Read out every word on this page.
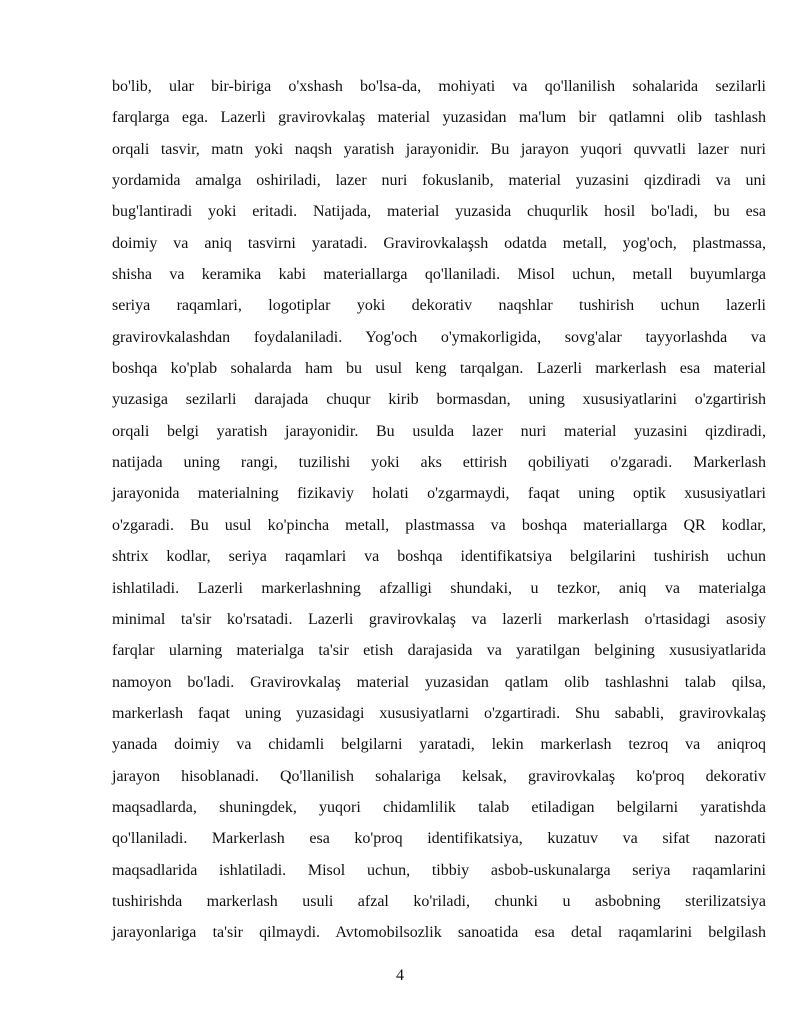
bo'lib, ular bir-biriga o'xshash bo'lsa-da, mohiyati va qo'llanilish sohalarida sezilarli
farqlarga ega. Lazerli gravirovkalaş material yuzasidan ma'lum bir qatlamni olib tashlash
orqali tasvir, matn yoki naqsh yaratish jarayonidir. Bu jarayon yuqori quvvatli lazer nuri
yordamida amalga oshiriladi, lazer nuri fokuslanib, material yuzasini qizdiradi va uni
bug'lantiradi yoki eritadi. Natijada, material yuzasida chuqurlik hosil bo'ladi, bu esa
doimiy va aniq tasvirni yaratadi. Gravirovkalaşsh odatda metall, yog'och, plastmassa,
shisha va keramika kabi materiallarga qo'llaniladi. Misol uchun, metall buyumlarga
seriya raqamlari, logotiplar yoki dekorativ naqshlar tushirish uchun lazerli
gravirovkalashdan foydalaniladi. Yog'och o'ymakorligida, sovg'alar tayyorlashda va
boshqa ko'plab sohalarda ham bu usul keng tarqalgan. Lazerli markerlash esa material
yuzasiga sezilarli darajada chuqur kirib bormasdan, uning xususiyatlarini o'zgartirish
orqali belgi yaratish jarayonidir. Bu usulda lazer nuri material yuzasini qizdiradi,
natijada uning rangi, tuzilishi yoki aks ettirish qobiliyati o'zgaradi. Markerlash
jarayonida materialning fizikaviy holati o'zgarmaydi, faqat uning optik xususiyatlari
o'zgaradi. Bu usul ko'pincha metall, plastmassa va boshqa materiallarga QR kodlar,
shtrix kodlar, seriya raqamlari va boshqa identifikatsiya belgilarini tushirish uchun
ishlatiladi. Lazerli markerlashning afzalligi shundaki, u tezkor, aniq va materialga
minimal ta'sir ko'rsatadi. Lazerli gravirovkalaş va lazerli markerlash o'rtasidagi asosiy
farqlar ularning materialga ta'sir etish darajasida va yaratilgan belgining xususiyatlarida
namoyon bo'ladi. Gravirovkalaş material yuzasidan qatlam olib tashlashni talab qilsa,
markerlash faqat uning yuzasidagi xususiyatlarni o'zgartiradi. Shu sababli, gravirovkalaş
yanada doimiy va chidamli belgilarni yaratadi, lekin markerlash tezroq va aniqroq
jarayon hisoblanadi. Qo'llanilish sohalariga kelsak, gravirovkalaş ko'proq dekorativ
maqsadlarda, shuningdek, yuqori chidamlilik talab etiladigan belgilarni yaratishda
qo'llaniladi. Markerlash esa ko'proq identifikatsiya, kuzatuv va sifat nazorati
maqsadlarida ishlatiladi. Misol uchun, tibbiy asbob-uskunalarga seriya raqamlarini
tushirishda markerlash usuli afzal ko'riladi, chunki u asbobning sterilizatsiya
jarayonlariga ta'sir qilmaydi. Avtomobilsozlik sanoatida esa detal raqamlarini belgilash
4
